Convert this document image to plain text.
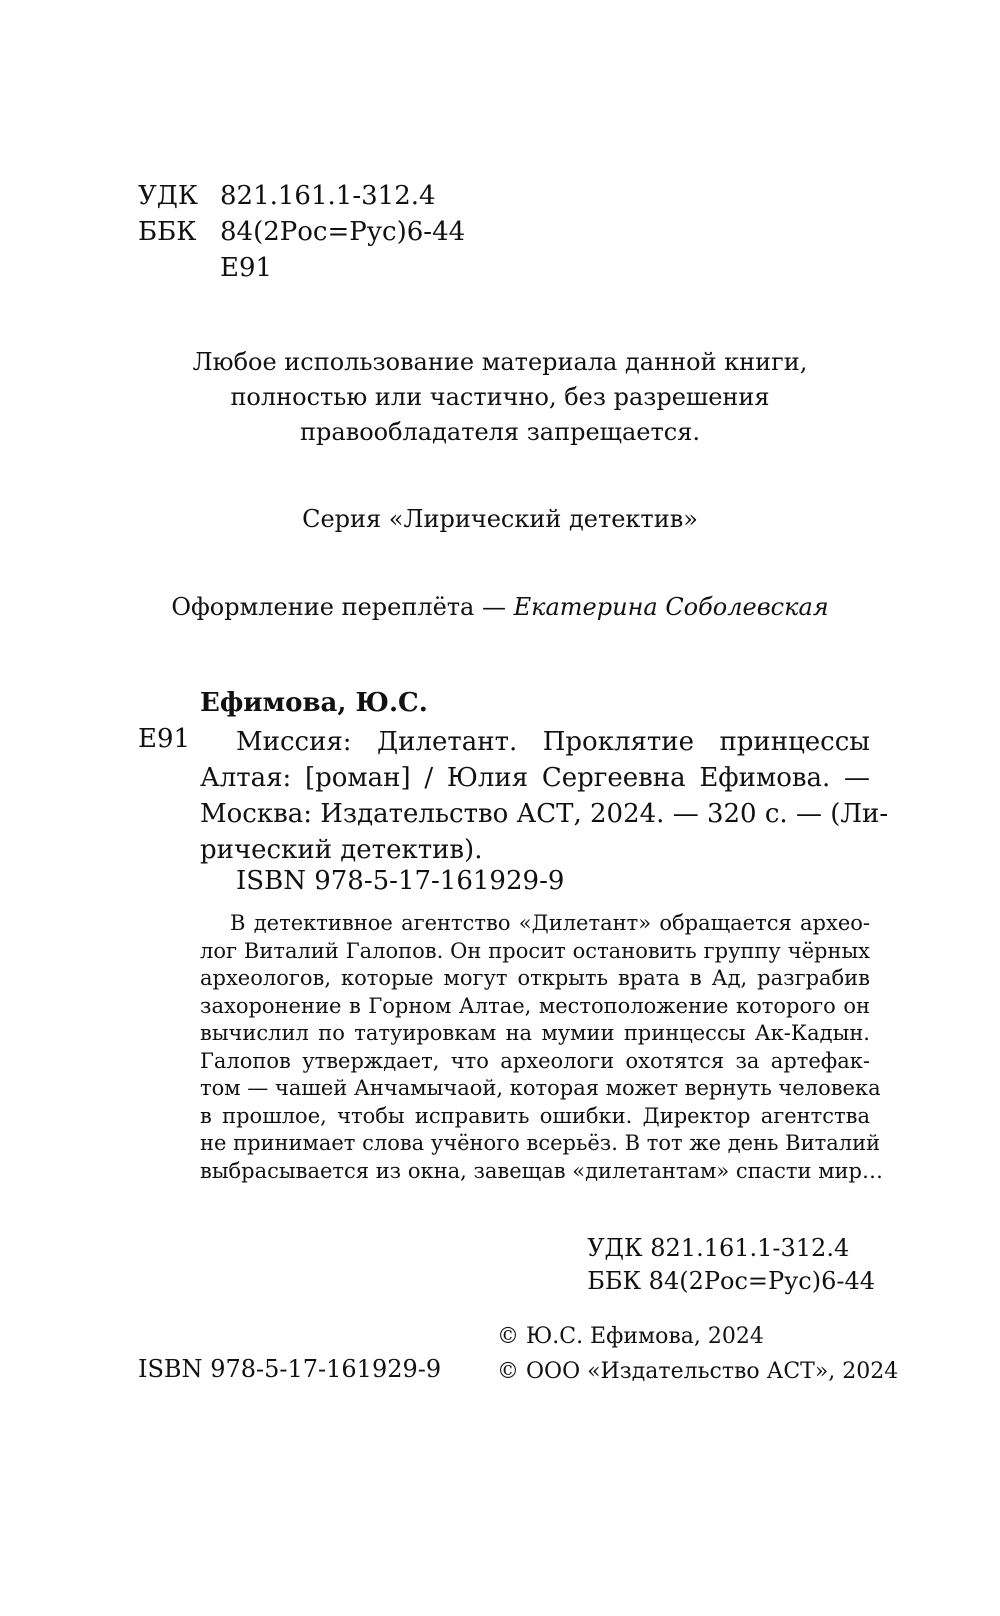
УДК 821.161.1-312.4
ББК 84(2Рос=Рус)6-44
Е91
Любое использование материала данной книги,
полностью или частично, без разрешения
правообладателя запрещается.
Серия «Лирический детектив»
Оформление переплёта — Екатерина Соболевская
Ефимова, Ю.С.
Е91	Миссия: Дилетант. Проклятие принцессы
Алтая: [роман] / Юлия Сергеевна Ефимова. —
Москва: Издательство АСТ, 2024. — 320 с. — (Ли-
рический детектив).
ISBN 978-5-17-161929-9
В детективное агентство «Дилетант» обращается архео-
лог Виталий Галопов. Он просит остановить группу чёрных
археологов, которые могут открыть врата в Ад, разграбив
захоронение в Горном Алтае, местоположение которого он
вычислил по татуировкам на мумии принцессы Ак-Кадын.
Галопов утверждает, что археологи охотятся за артефак-
том — чашей Анчамычаой, которая может вернуть человека
в прошлое, чтобы исправить ошибки. Директор агентства
не принимает слова учёного всерьёз. В тот же день Виталий
выбрасывается из окна, завещав «дилетантам» спасти мир…
УДК 821.161.1-312.4
ББК 84(2Рос=Рус)6-44
© Ю.С. Ефимова, 2024
© ООО «Издательство АСТ», 2024
ISBN 978-5-17-161929-9
